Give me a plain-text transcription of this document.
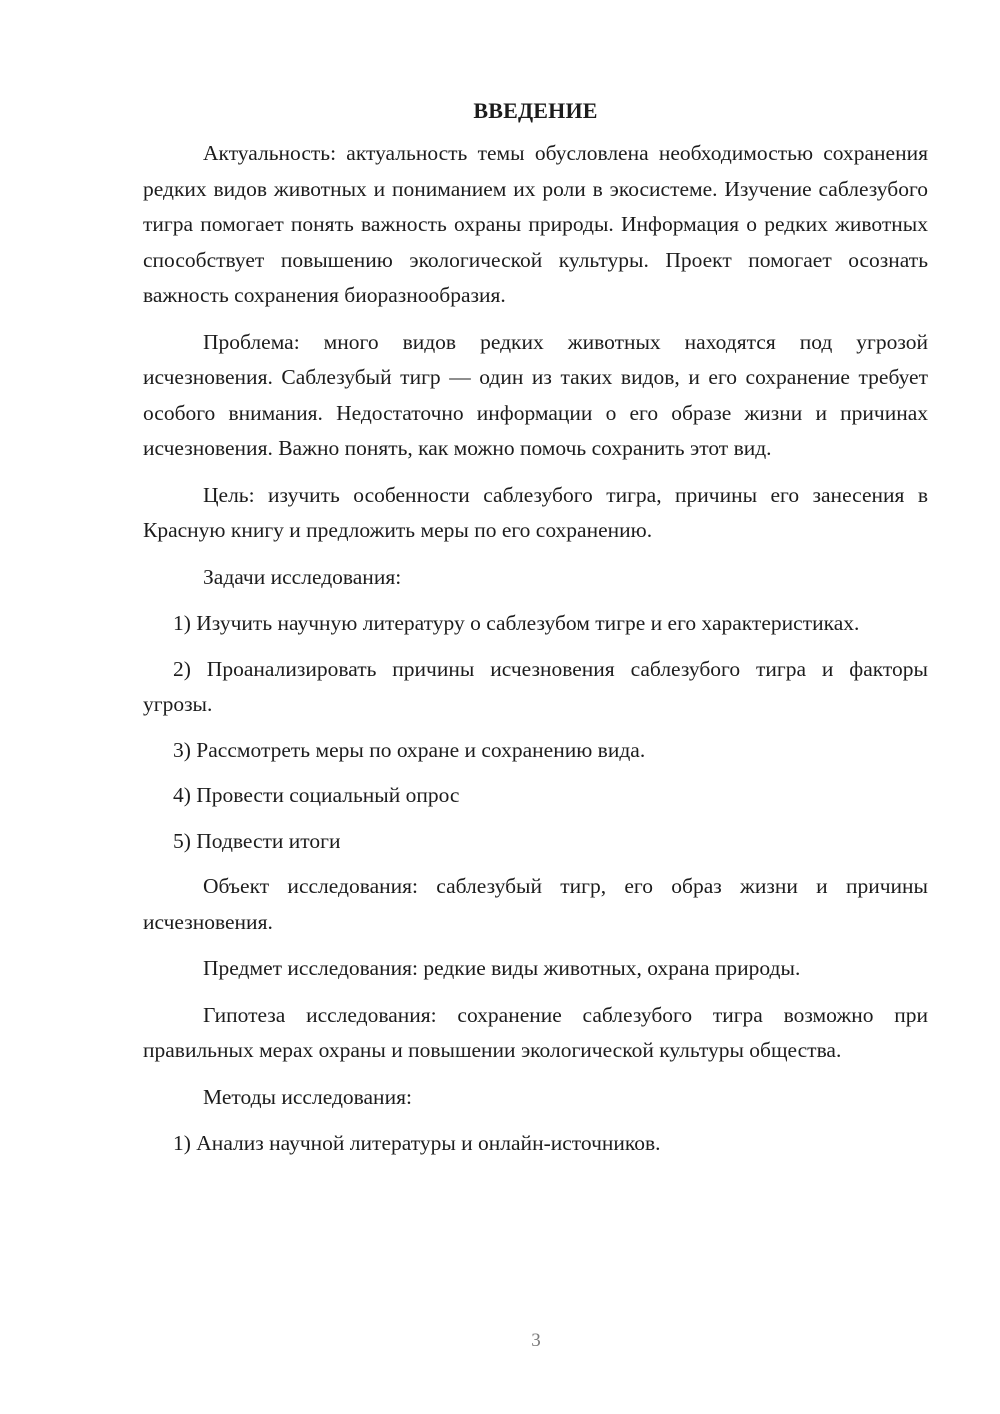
ВВЕДЕНИЕ

Актуальность: актуальность темы обусловлена необходимостью сохранения редких видов животных и пониманием их роли в экосистеме. Изучение саблезубого тигра помогает понять важность охраны природы. Информация о редких животных способствует повышению экологической культуры. Проект помогает осознать важность сохранения биоразнообразия.

Проблема: много видов редких животных находятся под угрозой исчезновения. Саблезубый тигр — один из таких видов, и его сохранение требует особого внимания. Недостаточно информации о его образе жизни и причинах исчезновения. Важно понять, как можно помочь сохранить этот вид.

Цель: изучить особенности саблезубого тигра, причины его занесения в Красную книгу и предложить меры по его сохранению.

Задачи исследования:

1) Изучить научную литературу о саблезубом тигре и его характеристиках.

2) Проанализировать причины исчезновения саблезубого тигра и факторы угрозы.

3) Рассмотреть меры по охране и сохранению вида.

4) Провести социальный опрос

5) Подвести итоги

Объект исследования: саблезубый тигр, его образ жизни и причины исчезновения.

Предмет исследования: редкие виды животных, охрана природы.

Гипотеза исследования: сохранение саблезубого тигра возможно при правильных мерах охраны и повышении экологической культуры общества.

Методы исследования:

1) Анализ научной литературы и онлайн-источников.

3
